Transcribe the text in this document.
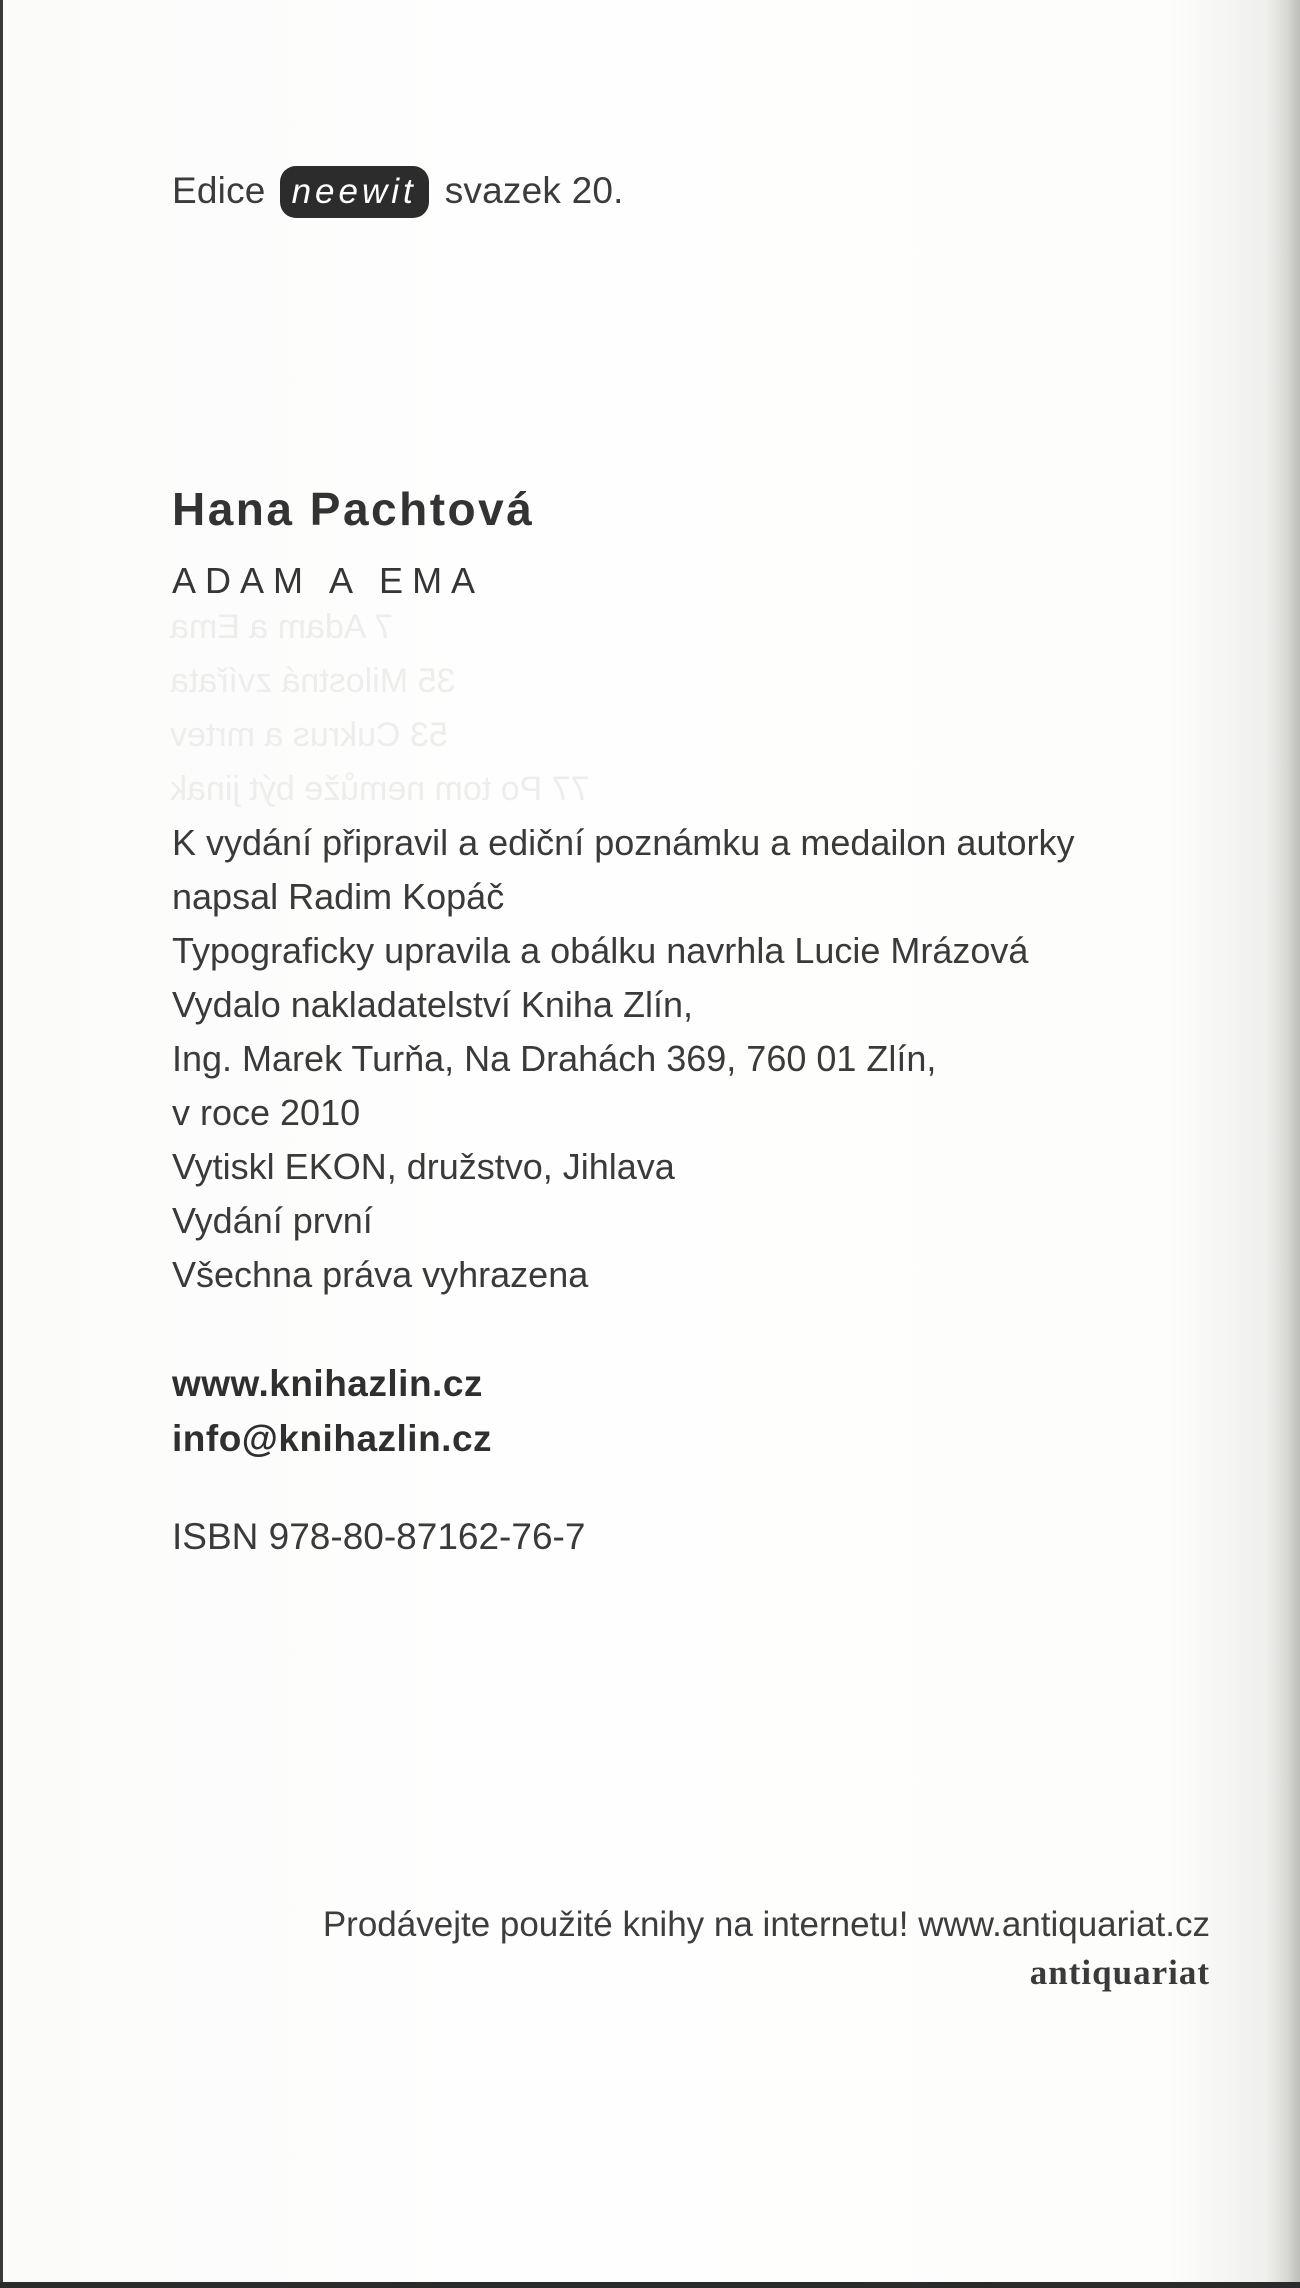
7 Adam a Ema
35 Milostná zvířata
53 Cukrus a mrtev
77 Po tom nemůže být jinak
Edice neewit svazek 20.
Hana Pachtová
ADAM A EMA
K vydání připravil a ediční poznámku a medailon autorky
napsal Radim Kopáč
Typograficky upravila a obálku navrhla Lucie Mrázová
Vydalo nakladatelství Kniha Zlín,
Ing. Marek Turňa, Na Drahách 369, 760 01 Zlín,
v roce 2010
Vytiskl EKON, družstvo, Jihlava
Vydání první
Všechna práva vyhrazena
www.knihazlin.cz
info@knihazlin.cz
ISBN 978-80-87162-76-7
Prodávejte použité knihy na internetu! www.antiquariat.cz
antiquariat
